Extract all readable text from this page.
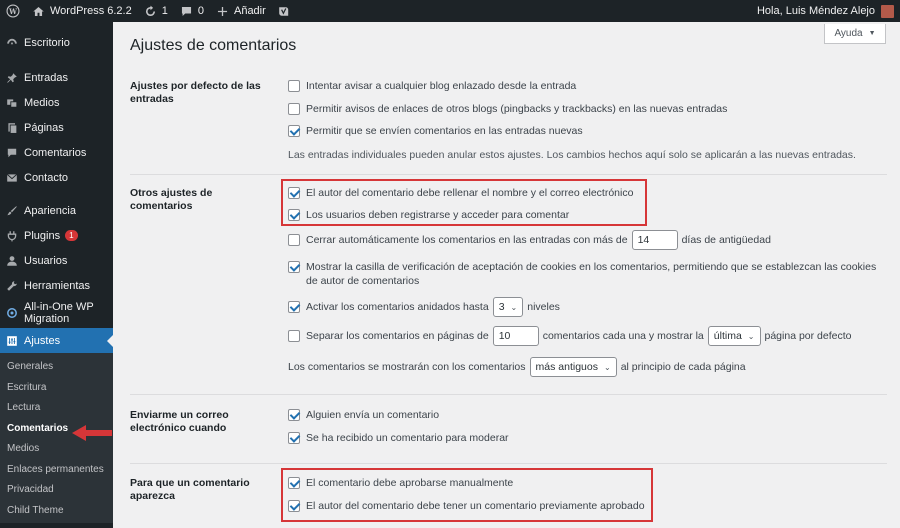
W	WordPress 6.2.2	1	0	Añadir	Hola, Luis Méndez Alejo
Escritorio
Entradas
Medios
Páginas
Comentarios
Contacto
Apariencia
Plugins	1
Usuarios
Herramientas
All-in-One WP Migration
Ajustes
Generales
Escritura
Lectura
Comentarios
Medios
Enlaces permanentes
Privacidad
Child Theme
Ayuda ▼
Ajustes de comentarios
Ajustes por defecto de las entradas
Intentar avisar a cualquier blog enlazado desde la entrada
Permitir avisos de enlaces de otros blogs (pingbacks y trackbacks) en las nuevas entradas
Permitir que se envíen comentarios en las entradas nuevas
Las entradas individuales pueden anular estos ajustes. Los cambios hechos aquí solo se aplicarán a las nuevas entradas.
Otros ajustes de comentarios
El autor del comentario debe rellenar el nombre y el correo electrónico
Los usuarios deben registrarse y acceder para comentar
Cerrar automáticamente los comentarios en las entradas con más de 14	días de antigüedad
Mostrar la casilla de verificación de aceptación de cookies en los comentarios, permitiendo que se establezcan las cookies
de autor de comentarios
Activar los comentarios anidados hasta 3 ⌄ niveles
Separar los comentarios en páginas de 10	comentarios cada una y mostrar la última ⌄ página por defecto
Los comentarios se mostrarán con los comentarios más antiguos ⌄ al principio de cada página
Enviarme un correo electrónico cuando
Alguien envía un comentario
Se ha recibido un comentario para moderar
Para que un comentario aparezca
El comentario debe aprobarse manualmente
El autor del comentario debe tener un comentario previamente aprobado
